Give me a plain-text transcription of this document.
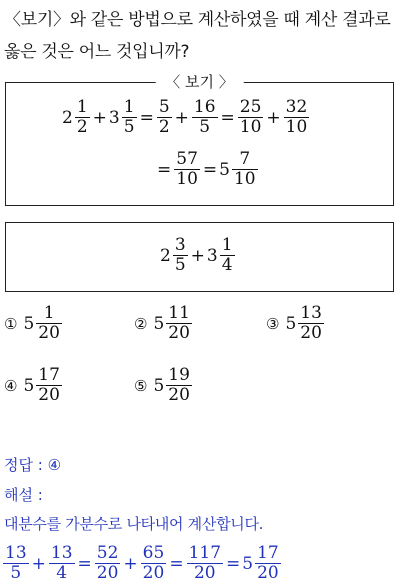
〈보기〉와 같은 방법으로 계산하였을 때 계산 결과로 옳은 것은 어느 것입니까?
〈 보기 〉
$2 \frac{1}{2} + 3 \frac{1}{5} = \frac{5}{2} + \frac{16}{5} = \frac{25}{10} + \frac{32}{10}$
= $\frac{57}{10} = 5 \frac{7}{10}$
$2 \frac{3}{5} + 3 \frac{1}{4}$
① $5 \frac{1}{20}$	② $5 \frac{11}{20}$	③ $5 \frac{13}{20}$
④ $5 \frac{17}{20}$	⑤ $5 \frac{19}{20}$
정답 : ④
해설 :
대분수를 가분수로 나타내어 계산합니다.
$\frac{13}{5} + \frac{13}{4} = \frac{52}{20} + \frac{65}{20} = \frac{117}{20} = 5 \frac{17}{20}$
